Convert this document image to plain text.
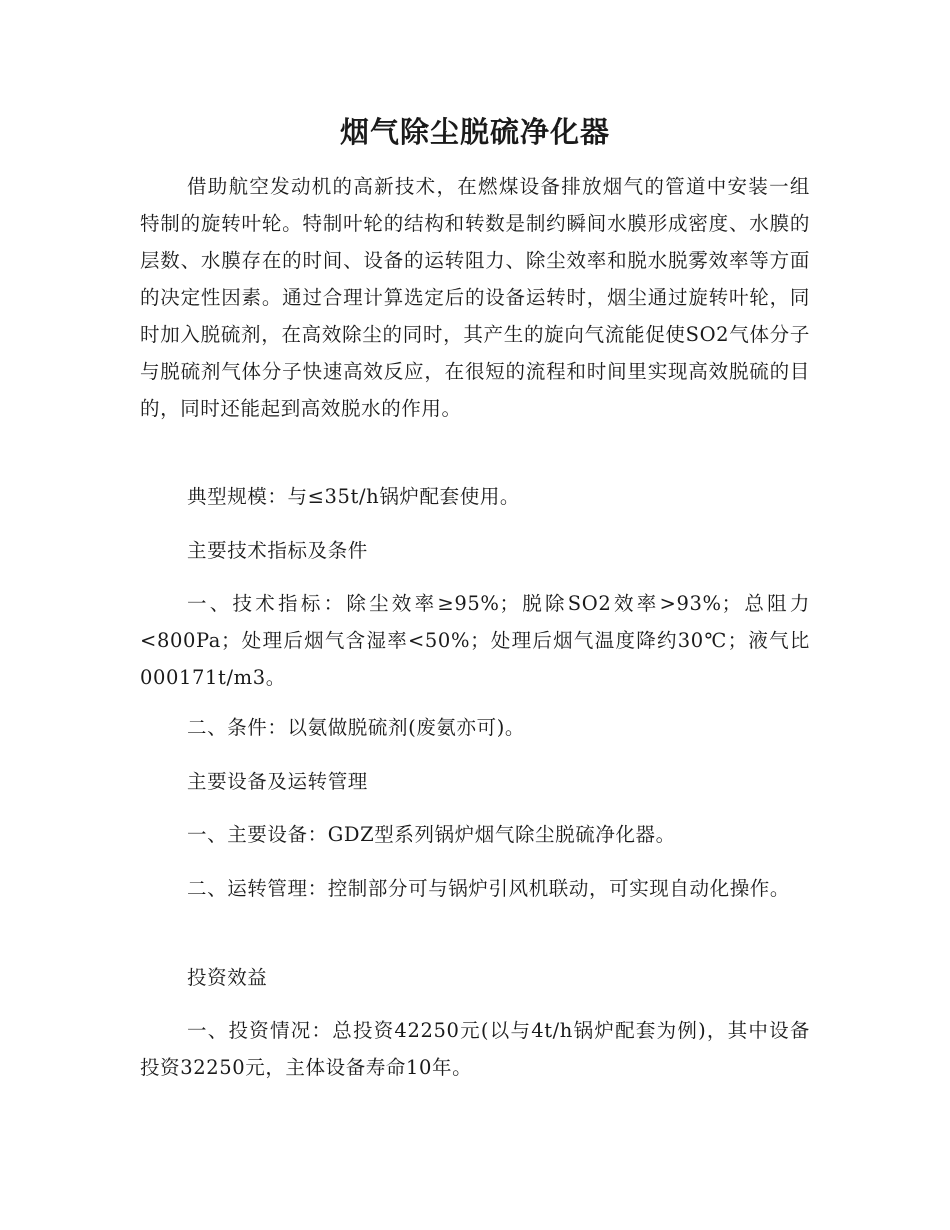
烟气除尘脱硫净化器

借助航空发动机的高新技术，在燃煤设备排放烟气的管道中安装一组特制的旋转叶轮。特制叶轮的结构和转数是制约瞬间水膜形成密度、水膜的层数、水膜存在的时间、设备的运转阻力、除尘效率和脱水脱雾效率等方面的决定性因素。通过合理计算选定后的设备运转时，烟尘通过旋转叶轮，同时加入脱硫剂，在高效除尘的同时，其产生的旋向气流能促使SO2气体分子与脱硫剂气体分子快速高效反应，在很短的流程和时间里实现高效脱硫的目的，同时还能起到高效脱水的作用。

典型规模：与≤35t/h锅炉配套使用。

主要技术指标及条件

一、技术指标：除尘效率≥95%；脱除SO2效率>93%；总阻力<800Pa；处理后烟气含湿率<50%；处理后烟气温度降约30℃；液气比000171t/m3。

二、条件：以氨做脱硫剂(废氨亦可)。

主要设备及运转管理

一、主要设备：GDZ型系列锅炉烟气除尘脱硫净化器。

二、运转管理：控制部分可与锅炉引风机联动，可实现自动化操作。

投资效益

一、投资情况：总投资42250元(以与4t/h锅炉配套为例)，其中设备投资32250元，主体设备寿命10年。
